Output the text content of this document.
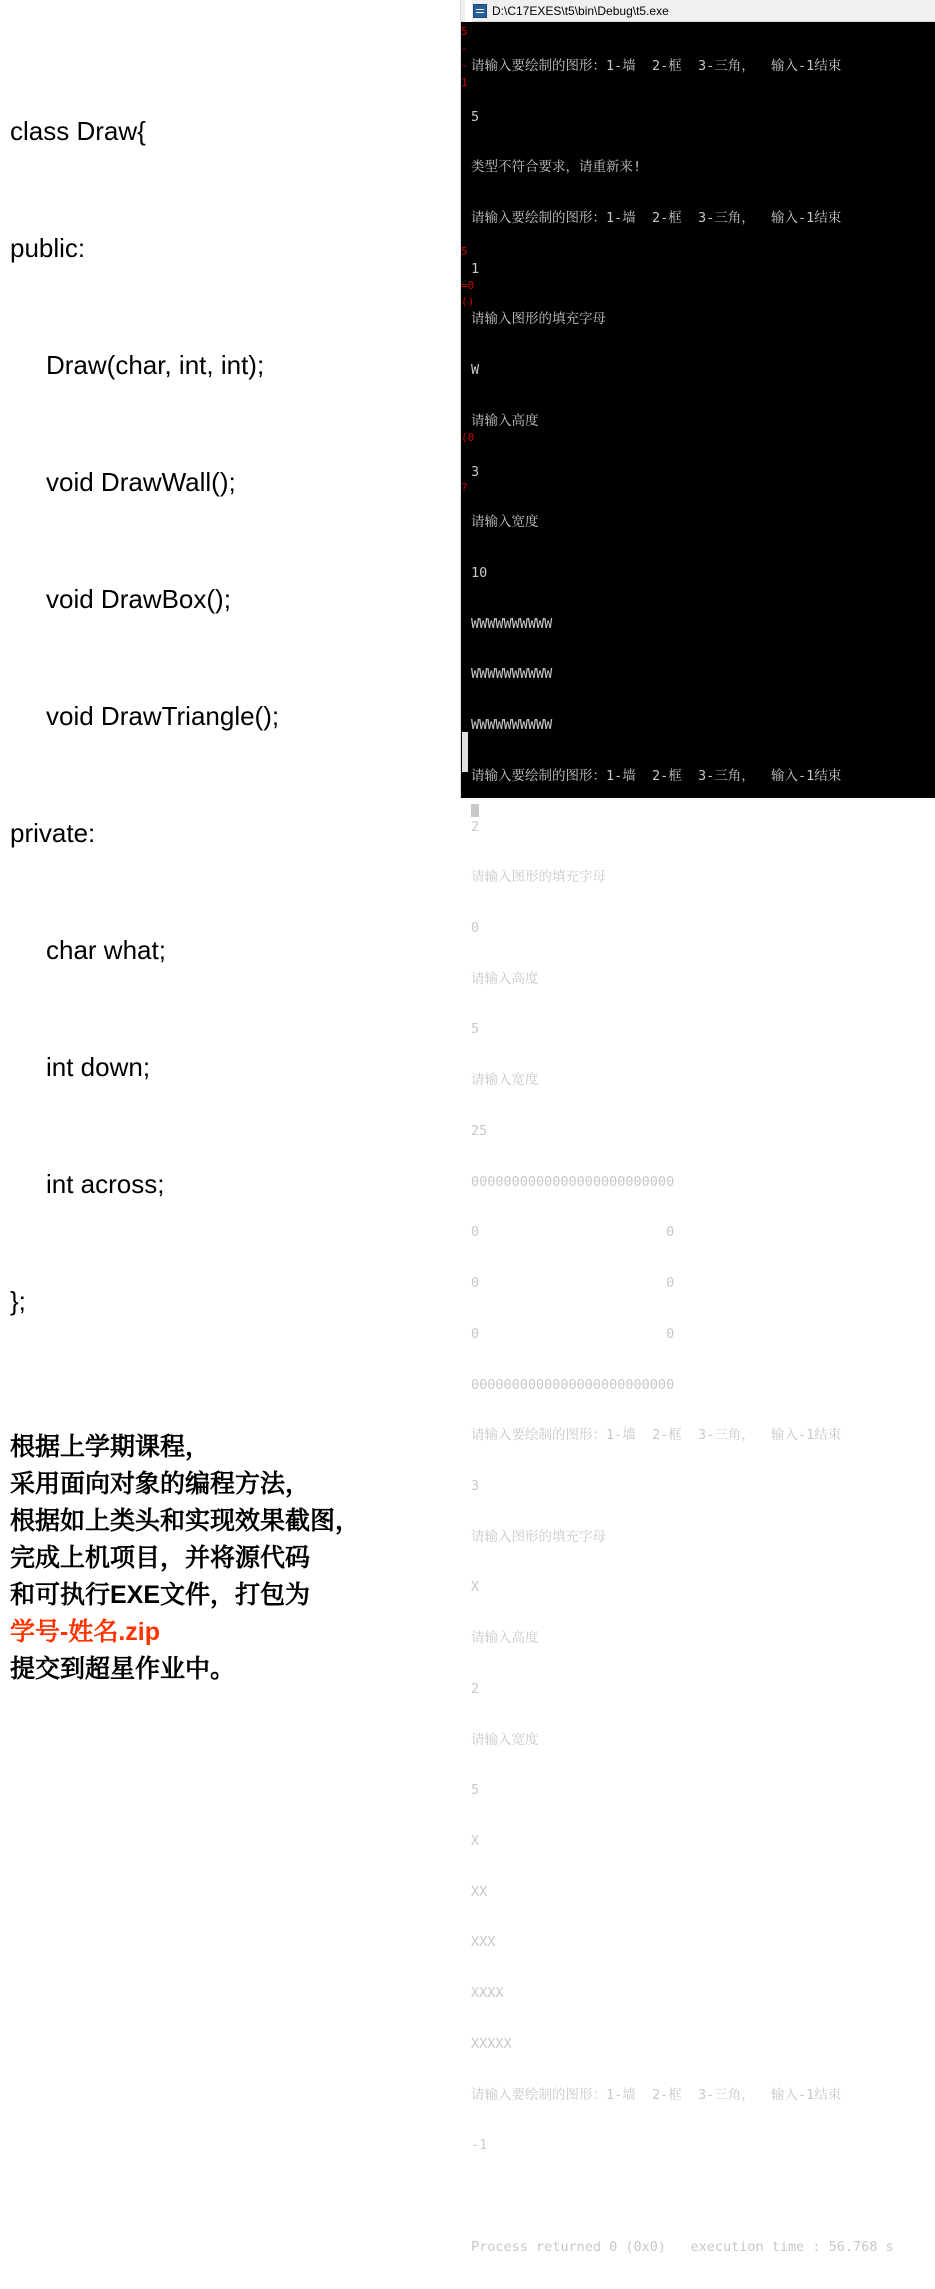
class Draw{

public:

Draw(char, int, int);

void DrawWall();

void DrawBox();

void DrawTriangle();

private:

char what;

int down;

int across;

};

根据上学期课程，
采用面向对象的编程方法，
根据如上类头和实现效果截图，
完成上机项目，并将源代码
和可执行EXE文件，打包为
学号-姓名.zip
提交到超星作业中。
D:\C17EXES\t5\bin\Debug\t5.exe
5
-
-
1
5
=0
()
(0
?

请输入要绘制的图形：1-墙  2-框  3-三角，  输入-1结束

5

类型不符合要求，请重新来!

请输入要绘制的图形：1-墙  2-框  3-三角，  输入-1结束

1

请输入图形的填充字母

W

请输入高度

3

请输入宽度

10

WWWWWWWWWW

WWWWWWWWWW

WWWWWWWWWW

请输入要绘制的图形：1-墙  2-框  3-三角，  输入-1结束

2

请输入图形的填充字母

0

请输入高度

5

请输入宽度

25

0000000000000000000000000

0                       0

0                       0

0                       0

0000000000000000000000000

请输入要绘制的图形：1-墙  2-框  3-三角，  输入-1结束

3

请输入图形的填充字母

X

请输入高度

2

请输入宽度

5

X

XX

XXX

XXXX

XXXXX

请输入要绘制的图形：1-墙  2-框  3-三角，  输入-1结束

-1

Process returned 0 (0x0)   execution time : 56.768 s
